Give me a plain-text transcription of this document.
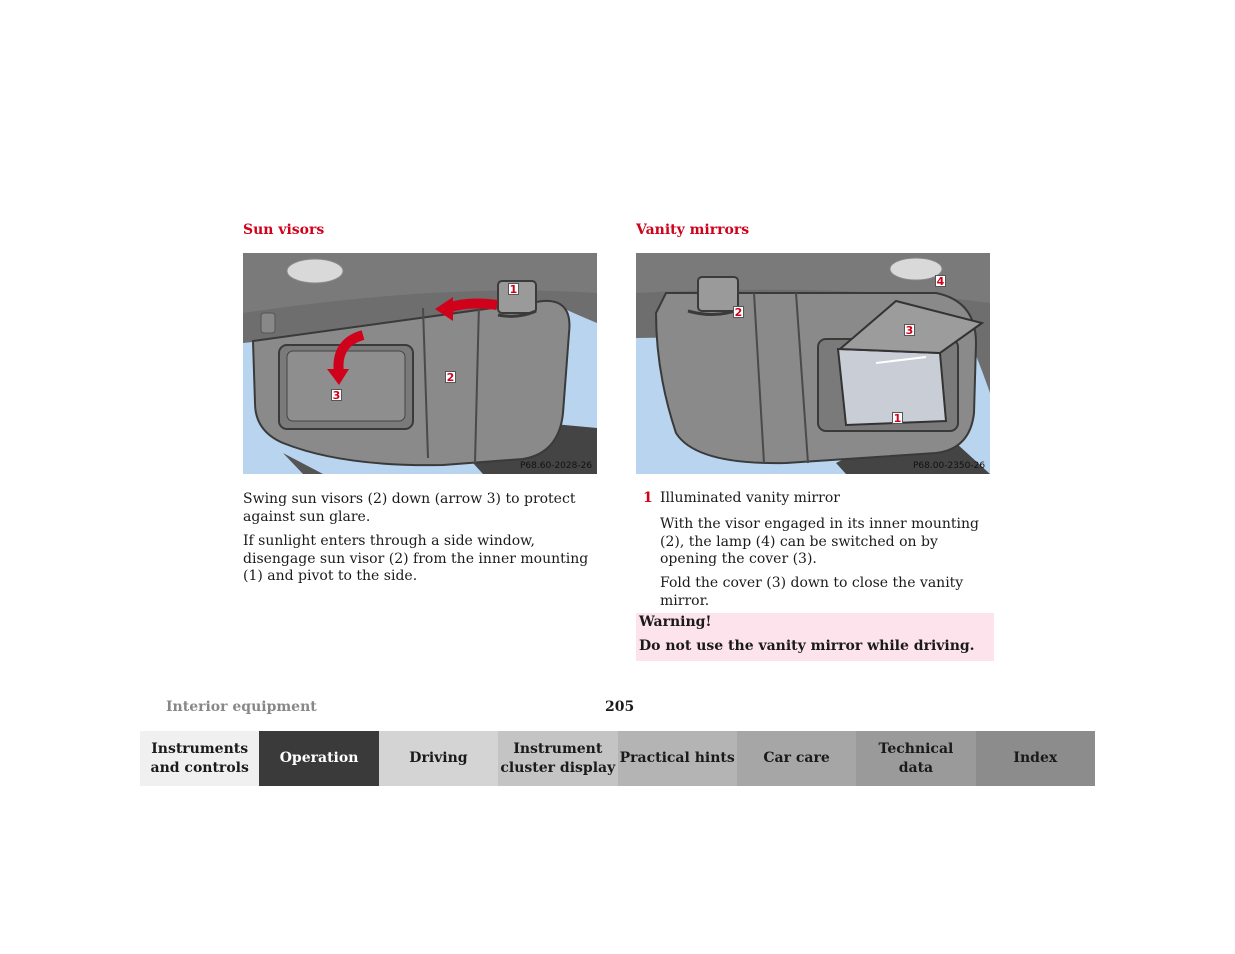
Sun visors
1
2
3
P68.60-2028-26

Swing sun visors (2) down (arrow 3) to protect against sun glare.

If sunlight enters through a side window, disengage sun visor (2) from the inner mounting (1) and pivot to the side.

Vanity mirrors
4
2
3
1
P68.00-2350-26
1 Illuminated vanity mirror

With the visor engaged in its inner mounting (2), the lamp (4) can be switched on by opening the cover (3).

Fold the cover (3) down to close the vanity mirror.

Warning!
Do not use the vanity mirror while driving.
Interior equipment	205
Instruments
and controls
Operation	Driving
Instrument
cluster display
Practical hints	Car care
Technical
data
Index
